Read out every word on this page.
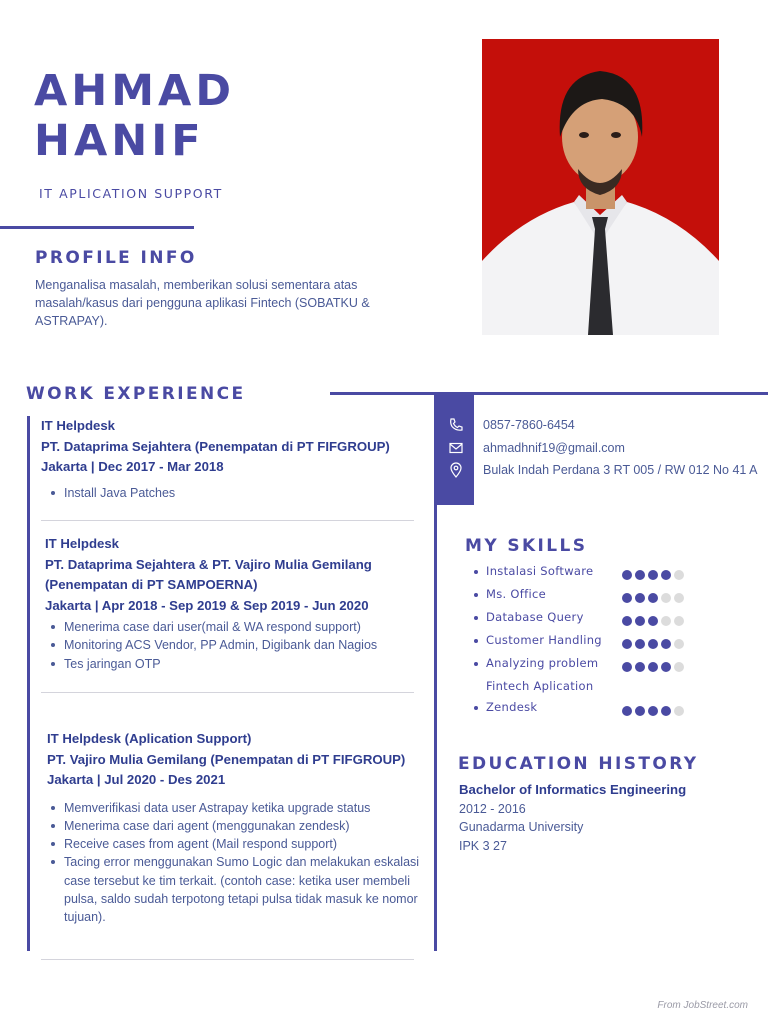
AHMAD
HANIF
IT APLICATION SUPPORT
PROFILE INFO
Menganalisa masalah, memberikan solusi sementara atas masalah/kasus dari pengguna aplikasi Fintech (SOBATKU & ASTRAPAY).
WORK EXPERIENCE
IT Helpdesk
PT. Dataprima Sejahtera (Penempatan di PT FIFGROUP)
Jakarta | Dec 2017 - Mar 2018
Install Java Patches
IT Helpdesk
PT. Dataprima Sejahtera & PT. Vajiro Mulia Gemilang (Penempatan di PT SAMPOERNA)
Jakarta | Apr 2018 - Sep 2019 & Sep 2019 - Jun 2020
Menerima case dari user(mail & WA respond support)
Monitoring ACS Vendor, PP Admin, Digibank dan Nagios
Tes jaringan OTP
IT Helpdesk (Aplication Support)
PT. Vajiro Mulia Gemilang (Penempatan di PT FIFGROUP)
Jakarta | Jul 2020 - Des 2021
Memverifikasi data user Astrapay ketika upgrade status
Menerima case dari agent (menggunakan zendesk)
Receive cases from agent (Mail respond support)
Tacing error menggunakan Sumo Logic dan melakukan eskalasi case tersebut ke tim terkait. (contoh case: ketika user membeli pulsa, saldo sudah terpotong tetapi pulsa tidak masuk ke nomor tujuan).
0857-7860-6454
ahmadhnif19@gmail.com
Bulak Indah Perdana 3 RT 005 / RW 012 No 41 A
MY SKILLS
Instalasi Software
Ms. Office
Database Query
Customer Handling
Analyzing problem
Fintech Aplication
Zendesk
EDUCATION HISTORY
Bachelor of Informatics Engineering
2012 - 2016
Gunadarma University
IPK 3 27
From JobStreet.com
